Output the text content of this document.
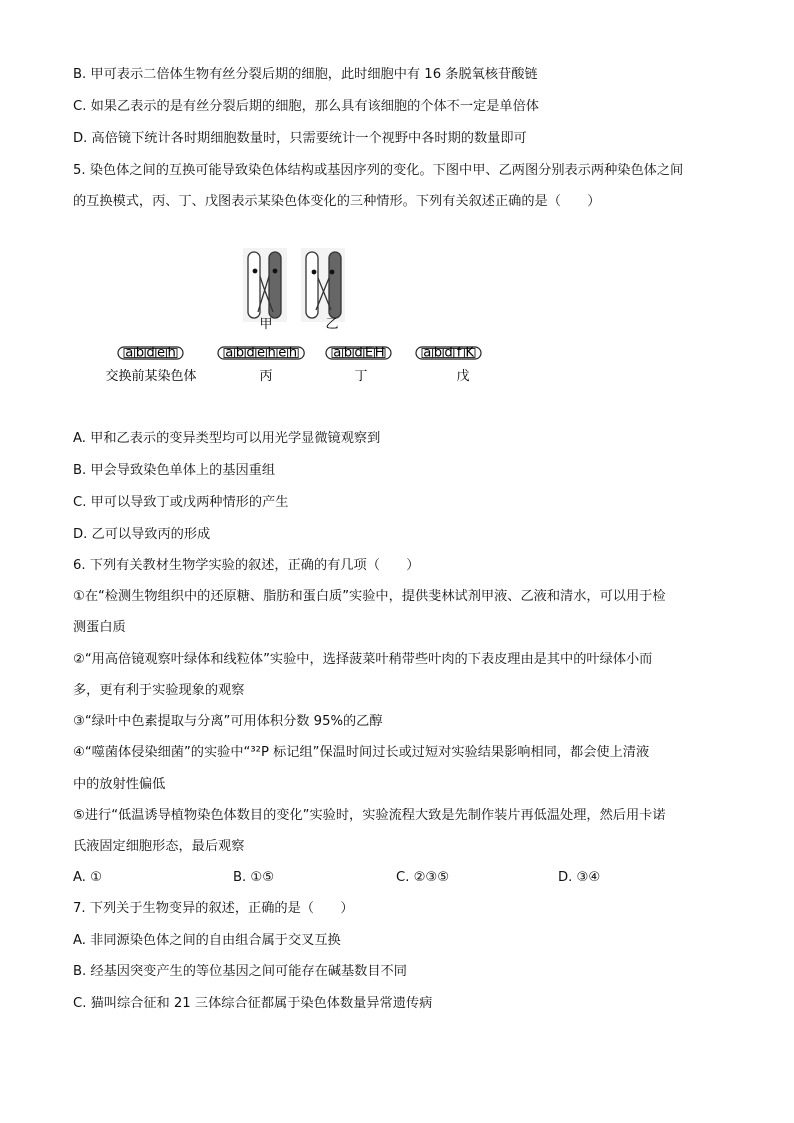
B. 甲可表示二倍体生物有丝分裂后期的细胞，此时细胞中有 16 条脱氧核苷酸链
C. 如果乙表示的是有丝分裂后期的细胞，那么具有该细胞的个体不一定是单倍体
D. 高倍镜下统计各时期细胞数量时，只需要统计一个视野中各时期的数量即可
5. 染色体之间的互换可能导致染色体结构或基因序列的变化。下图中甲、乙两图分别表示两种染色体之间
的互换模式，丙、丁、戊图表示某染色体变化的三种情形。下列有关叙述正确的是（　　）
甲	乙
a b d e h	a b d e h e h	a b d E H	a b d f K
交换前某染色体	丙	丁	戊
A. 甲和乙表示的变异类型均可以用光学显微镜观察到
B. 甲会导致染色单体上的基因重组
C. 甲可以导致丁或戊两种情形的产生
D. 乙可以导致丙的形成
6. 下列有关教材生物学实验的叙述，正确的有几项（　　）
①在“检测生物组织中的还原糖、脂肪和蛋白质”实验中，提供斐林试剂甲液、乙液和清水，可以用于检
测蛋白质
②“用高倍镜观察叶绿体和线粒体”实验中，选择菠菜叶稍带些叶肉的下表皮理由是其中的叶绿体小而
多，更有利于实验现象的观察
③“绿叶中色素提取与分离”可用体积分数 95%的乙醇
④“噬菌体侵染细菌”的实验中“³²P 标记组”保温时间过长或过短对实验结果影响相同，都会使上清液
中的放射性偏低
⑤进行“低温诱导植物染色体数目的变化”实验时，实验流程大致是先制作装片再低温处理，然后用卡诺
氏液固定细胞形态，最后观察
A. ①	B. ①⑤	C. ②③⑤	D. ③④
7. 下列关于生物变异的叙述，正确的是（　　）
A. 非同源染色体之间的自由组合属于交叉互换
B. 经基因突变产生的等位基因之间可能存在碱基数目不同
C. 猫叫综合征和 21 三体综合征都属于染色体数量异常遗传病
